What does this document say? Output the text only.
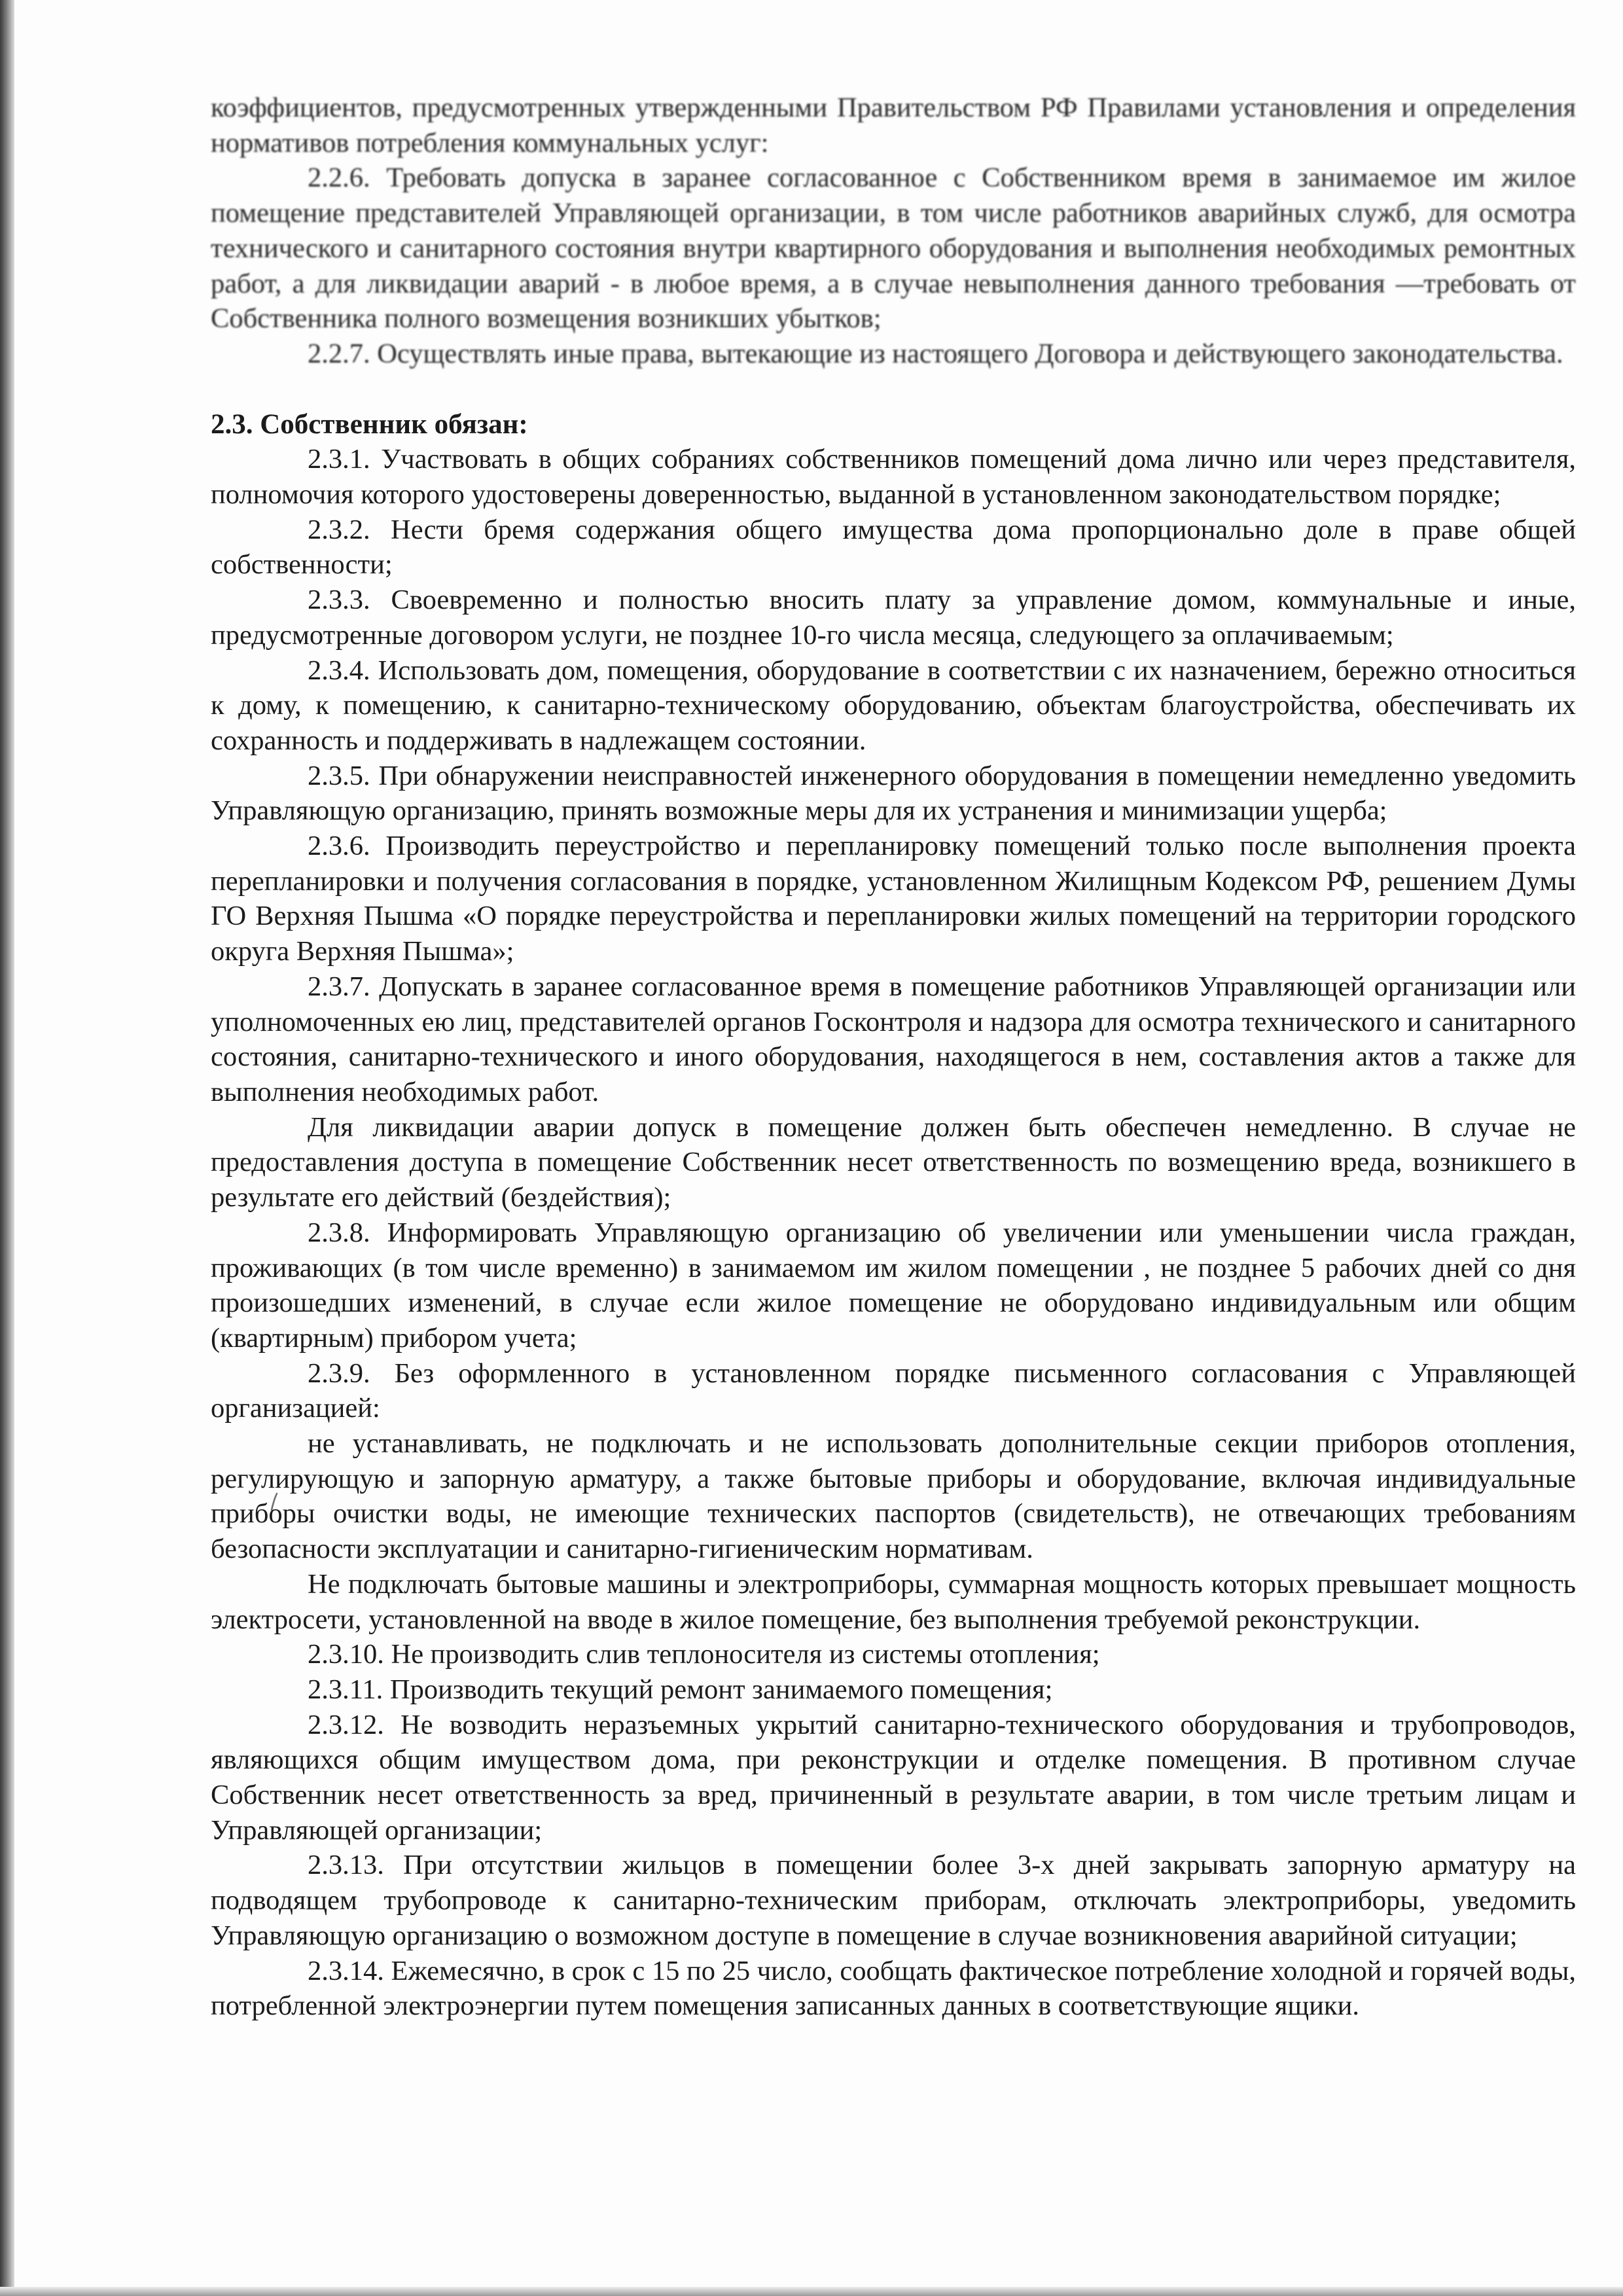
коэффициентов, предусмотренных утвержденными Правительством РФ Правилами установления и определения нормативов потребления коммунальных услуг:

2.2.6. Требовать допуска в заранее согласованное с Собственником время в занимаемое им жилое помещение представителей Управляющей организации, в том числе работников аварийных служб, для осмотра технического и санитарного состояния внутри квартирного оборудования и выполнения необходимых ремонтных работ, а для ликвидации аварий - в любое время, а в случае невыполнения данного требования —требовать от Собственника полного возмещения возникших убытков;

2.2.7. Осуществлять иные права, вытекающие из настоящего Договора и действующего законодательства.

2.3. Собственник обязан:

2.3.1. Участвовать в общих собраниях собственников помещений дома лично или через представителя, полномочия которого удостоверены доверенностью, выданной в установленном законодательством порядке;

2.3.2. Нести бремя содержания общего имущества дома пропорционально доле в праве общей собственности;

2.3.3. Своевременно и полностью вносить плату за управление домом, коммунальные и иные, предусмотренные договором услуги, не позднее 10-го числа месяца, следующего за оплачиваемым;

2.3.4. Использовать дом, помещения, оборудование в соответствии с их назначением, бережно относиться к дому, к помещению, к санитарно-техническому оборудованию, объектам благоустройства, обеспечивать их сохранность и поддерживать в надлежащем состоянии.

2.3.5. При обнаружении неисправностей инженерного оборудования в помещении немедленно уведомить Управляющую организацию, принять возможные меры для их устранения и минимизации ущерба;

2.3.6. Производить переустройство и перепланировку помещений только после выполнения проекта перепланировки и получения согласования в порядке, установленном Жилищным Кодексом РФ, решением Думы ГО Верхняя Пышма «О порядке переустройства и перепланировки жилых помещений на территории городского округа Верхняя Пышма»;

2.3.7. Допускать в заранее согласованное время в помещение работников Управляющей организации или уполномоченных ею лиц, представителей органов Госконтроля и надзора для осмотра технического и санитарного состояния, санитарно-технического и иного оборудования, находящегося в нем, составления актов а также для выполнения необходимых работ.

Для ликвидации аварии допуск в помещение должен быть обеспечен немедленно. В случае не предоставления доступа в помещение Собственник несет ответственность по возмещению вреда, возникшего в результате его действий (бездействия);

2.3.8. Информировать Управляющую организацию об увеличении или уменьшении числа граждан, проживающих (в том числе временно) в занимаемом им жилом помещении , не позднее 5 рабочих дней со дня произошедших изменений, в случае если жилое помещение не оборудовано индивидуальным или общим (квартирным) прибором учета;

2.3.9. Без оформленного в установленном порядке письменного согласования с Управляющей организацией:

не устанавливать, не подключать и не использовать дополнительные секции приборов отопления, регулирующую и запорную арматуру, а также бытовые приборы и оборудование, включая индивидуальные приборы очистки воды, не имеющие технических паспортов (свидетельств), не отвечающих требованиям безопасности эксплуатации и санитарно-гигиеническим нормативам.

Не подключать бытовые машины и электроприборы, суммарная мощность которых превышает мощность электросети, установленной на вводе в жилое помещение, без выполнения требуемой реконструкции.

2.3.10. Не производить слив теплоносителя из системы отопления;

2.3.11. Производить текущий ремонт занимаемого помещения;

2.3.12. Не возводить неразъемных укрытий санитарно-технического оборудования и трубопроводов, являющихся общим имуществом дома, при реконструкции и отделке помещения. В противном случае Собственник несет ответственность за вред, причиненный в результате аварии, в том числе третьим лицам и Управляющей организации;

2.3.13. При отсутствии жильцов в помещении более 3-х дней закрывать запорную арматуру на подводящем трубопроводе к санитарно-техническим приборам, отключать электроприборы, уведомить Управляющую организацию о возможном доступе в помещение в случае возникновения аварийной ситуации;

2.3.14. Ежемесячно, в срок с 15 по 25 число, сообщать фактическое потребление холодной и горячей воды, потребленной электроэнергии путем помещения записанных данных в соответствующие ящики.
